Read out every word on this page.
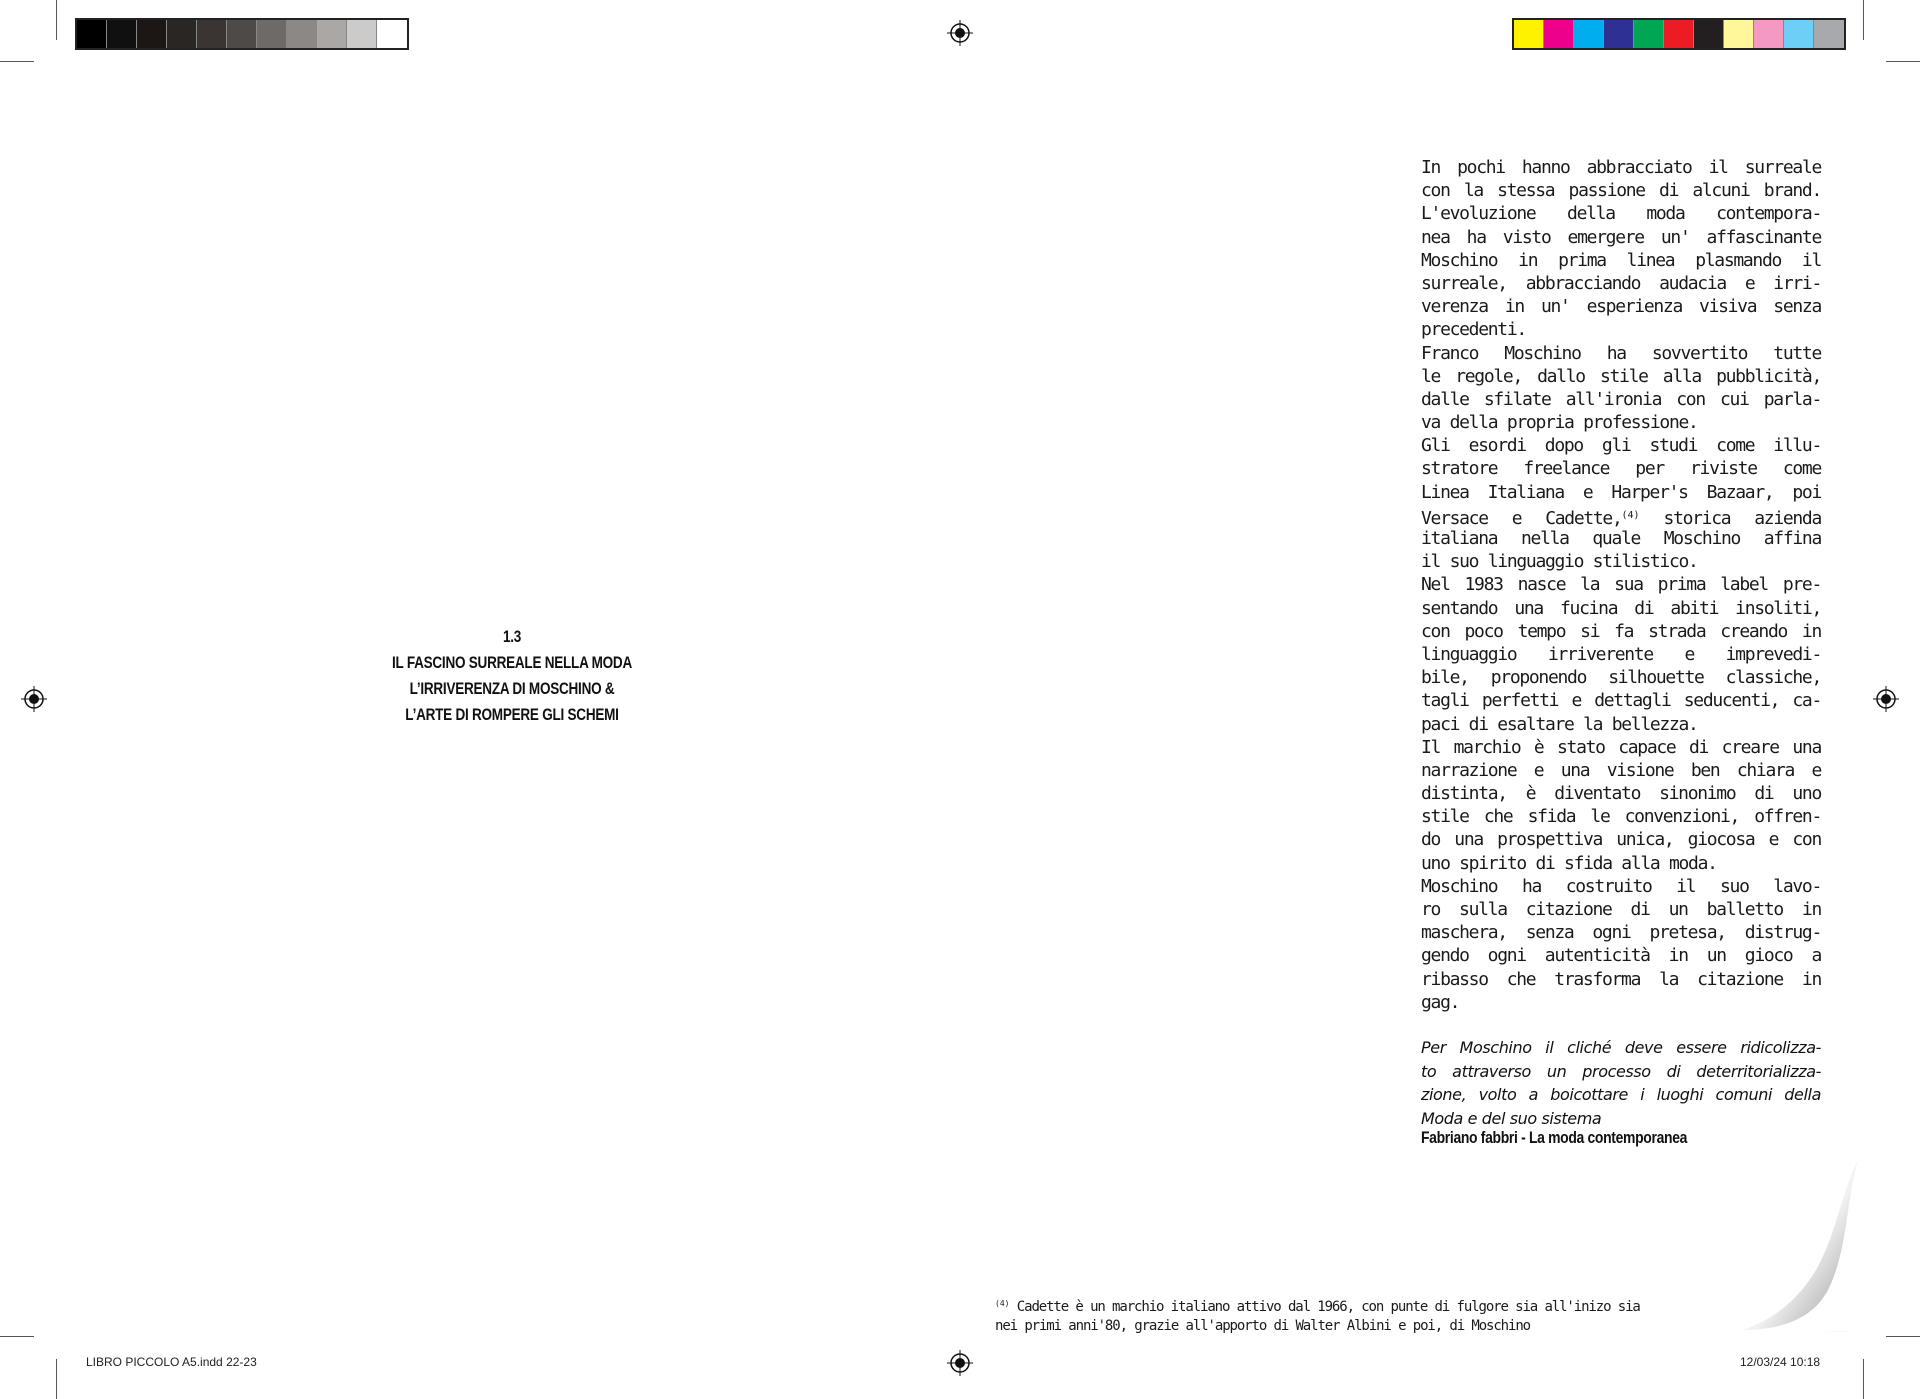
1.3
IL FASCINO SURREALE NELLA MODA
L’IRRIVERENZA DI MOSCHINO &
L’ARTE DI ROMPERE GLI SCHEMI
In pochi hanno abbracciato il surreale
con la stessa passione di alcuni brand.
L'evoluzione della moda contempora-
nea ha visto emergere un' affascinante
Moschino in prima linea plasmando il
surreale, abbracciando audacia e irri-
verenza in un' esperienza visiva senza
precedenti.
Franco Moschino ha sovvertito tutte
le regole, dallo stile alla pubblicità,
dalle sfilate all'ironia con cui parla-
va della propria professione.
Gli esordi dopo gli studi come illu-
stratore freelance per riviste come
Linea Italiana e Harper's Bazaar, poi
Versace e Cadette,$^{(4)}$ storica azienda
italiana nella quale Moschino affina
il suo linguaggio stilistico.
Nel 1983 nasce la sua prima label pre-
sentando una fucina di abiti insoliti,
con poco tempo si fa strada creando in
linguaggio irriverente e imprevedi-
bile, proponendo silhouette classiche,
tagli perfetti e dettagli seducenti, ca-
paci di esaltare la bellezza.
Il marchio è stato capace di creare una
narrazione e una visione ben chiara e
distinta, è diventato sinonimo di uno
stile che sfida le convenzioni, offren-
do una prospettiva unica, giocosa e con
uno spirito di sfida alla moda.
Moschino ha costruito il suo lavo-
ro sulla citazione di un balletto in
maschera, senza ogni pretesa, distrug-
gendo ogni autenticità in un gioco a
ribasso che trasforma la citazione in
gag.
Per Moschino il cliché deve essere ridicolizza-
to attraverso un processo di deterritorializza-
zione, volto a boicottare i luoghi comuni della
Moda e del suo sistema
Fabriano fabbri - La moda contemporanea
$^{(4)}$ Cadette è un marchio italiano attivo dal 1966, con punte di fulgore sia all'inizo sia
nei primi anni'80, grazie all'apporto di Walter Albini e poi, di Moschino
LIBRO PICCOLO A5.indd 22-23	12/03/24 10:18
